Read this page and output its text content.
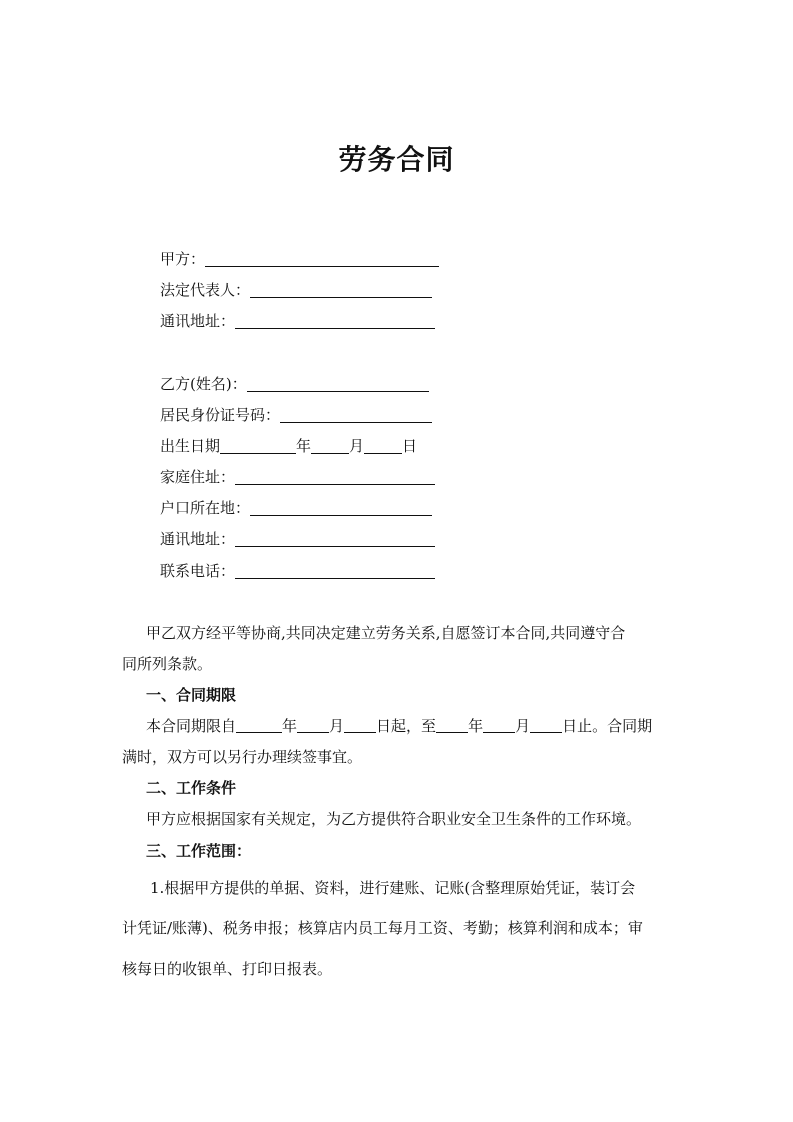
劳务合同
甲方：
法定代表人：
通讯地址：
乙方(姓名)：
居民身份证号码：
出生日期	年	月	日
家庭住址：
户口所在地：
通讯地址：
联系电话：
甲乙双方经平等协商,共同决定建立劳务关系,自愿签订本合同,共同遵守合
同所列条款。
一、合同期限
本合同期限自	年 月 日起，至 年 月 日止。合同期
满时，双方可以另行办理续签事宜。
二、工作条件
甲方应根据国家有关规定，为乙方提供符合职业安全卫生条件的工作环境。
三、工作范围：
1.根据甲方提供的单据、资料，进行建账、记账(含整理原始凭证，装订会
计凭证/账薄)、税务申报；核算店内员工每月工资、考勤；核算利润和成本；审
核每日的收银单、打印日报表。
